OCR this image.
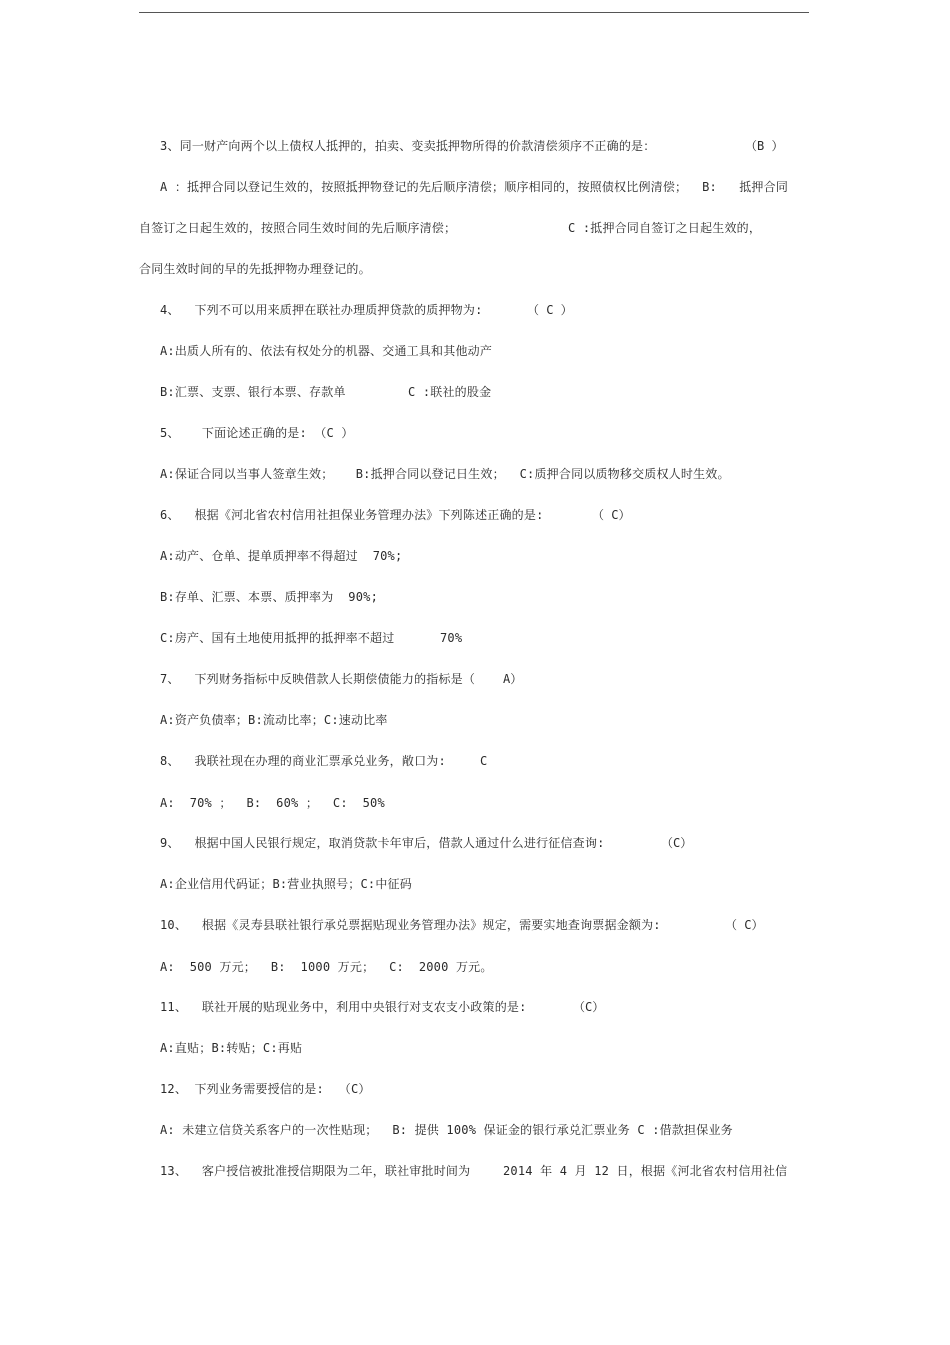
3、同一财产向两个以上债权人抵押的，拍卖、变卖抵押物所得的价款清偿须序不正确的是：	（B ）
A ：抵押合同以登记生效的，按照抵押物登记的先后顺序清偿；顺序相同的，按照债权比例清偿；  B:   抵押合同
自签订之日起生效的，按照合同生效时间的先后顺序清偿；	C :抵押合同自签订之日起生效的，
合同生效时间的早的先抵押物办理登记的。
4、  下列不可以用来质押在联社办理质押贷款的质押物为:	（ C ）
A:出质人所有的、依法有权处分的机器、交通工具和其他动产
B:汇票、支票、银行本票、存款单	C :联社的股金
5、   下面论述正确的是: （C ）
A:保证合同以当事人签章生效；   B:抵押合同以登记日生效；  C:质押合同以质物移交质权人时生效。
6、  根据《河北省农村信用社担保业务管理办法》下列陈述正确的是:	（ C）
A:动产、仓单、提单质押率不得超过  70%;
B:存单、汇票、本票、质押率为  90%;
C:房产、国有土地使用抵押的抵押率不超过	70%
7、  下列财务指标中反映借款人长期偿债能力的指标是（ A）
A:资产负债率；B:流动比率；C:速动比率
8、  我联社现在办理的商业汇票承兑业务，敞口为:	C
A:  70% ；  B:  60% ；  C:  50%
9、  根据中国人民银行规定，取消贷款卡年审后，借款人通过什么进行征信查询:	（C）
A:企业信用代码证；B:营业执照号；C:中征码
10、  根据《灵寿县联社银行承兑票据贴现业务管理办法》规定，需要实地查询票据金额为:	（ C）
A:  500 万元；  B:  1000 万元；  C:  2000 万元。
11、  联社开展的贴现业务中，利用中央银行对支农支小政策的是:	（C）
A:直贴；B:转贴；C:再贴
12、 下列业务需要授信的是:  （C）
A: 未建立信贷关系客户的一次性贴现；  B: 提供 100% 保证金的银行承兑汇票业务 C :借款担保业务
13、  客户授信被批准授信期限为二年，联社审批时间为	2014 年 4 月 12 日，根据《河北省农村信用社信
